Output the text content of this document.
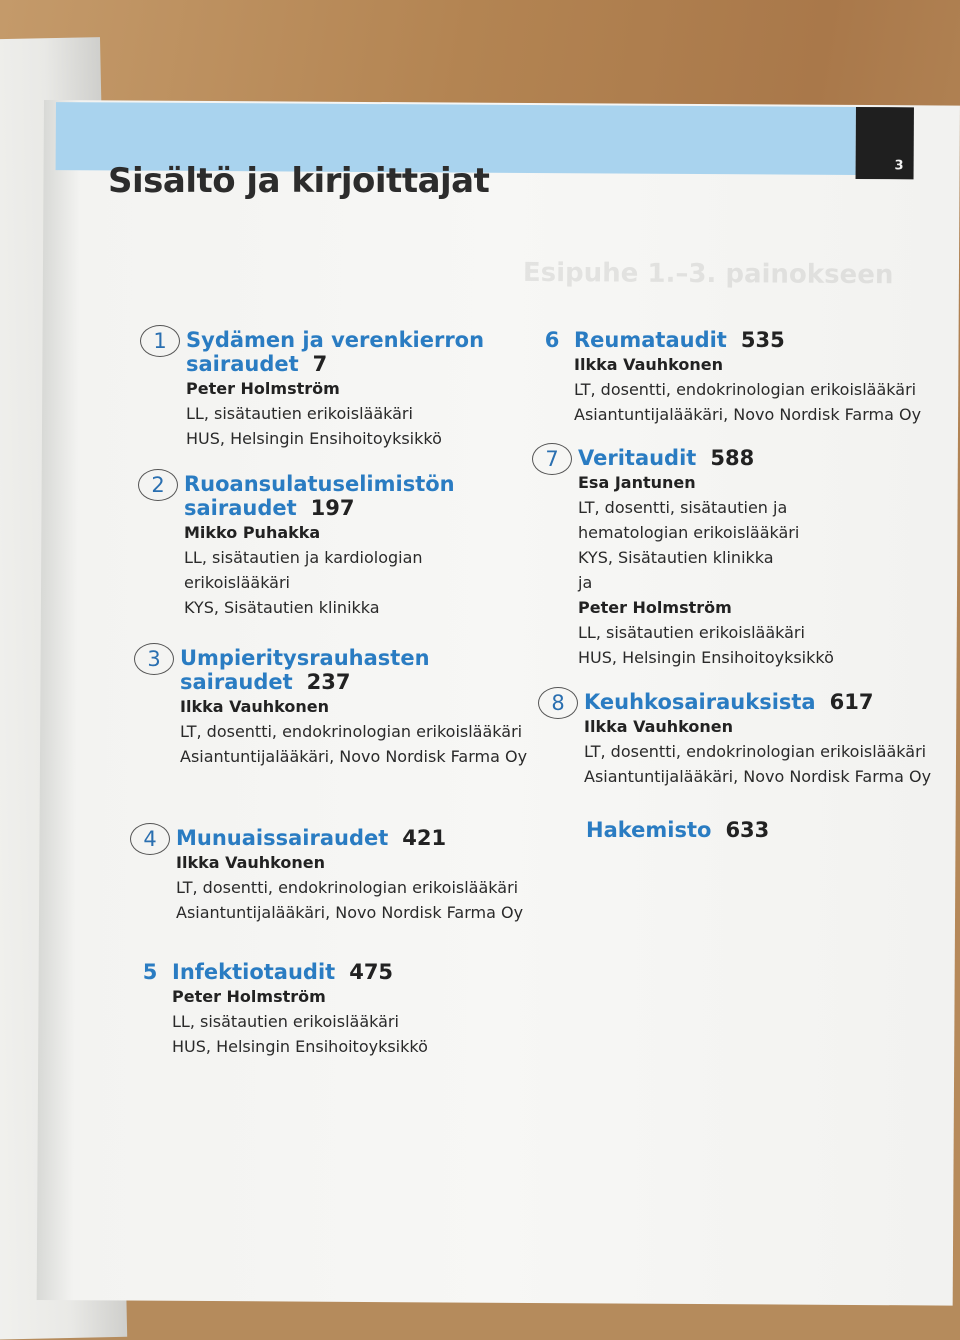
3
Esipuhe 1.–3. painokseen
Sisältö ja kirjoittajat
1 Sydämen ja verenkierron
sairaudet 7
Peter Holmström
LL, sisätautien erikoislääkäri
HUS, Helsingin Ensihoitoyksikkö
2 Ruoansulatuselimistön
sairaudet 197
Mikko Puhakka
LL, sisätautien ja kardiologian
erikoislääkäri
KYS, Sisätautien klinikka
3 Umpieritysrauhasten
sairaudet 237
Ilkka Vauhkonen
LT, dosentti, endokrinologian erikoislääkäri
Asiantuntijalääkäri, Novo Nordisk Farma Oy
4 Munuaissairaudet 421
Ilkka Vauhkonen
LT, dosentti, endokrinologian erikoislääkäri
Asiantuntijalääkäri, Novo Nordisk Farma Oy
5 Infektiotaudit 475
Peter Holmström
LL, sisätautien erikoislääkäri
HUS, Helsingin Ensihoitoyksikkö
6 Reumataudit 535
Ilkka Vauhkonen
LT, dosentti, endokrinologian erikoislääkäri
Asiantuntijalääkäri, Novo Nordisk Farma Oy
7 Veritaudit 588
Esa Jantunen
LT, dosentti, sisätautien ja
hematologian erikoislääkäri
KYS, Sisätautien klinikka
ja
Peter Holmström
LL, sisätautien erikoislääkäri
HUS, Helsingin Ensihoitoyksikkö
8 Keuhkosairauksista 617
Ilkka Vauhkonen
LT, dosentti, endokrinologian erikoislääkäri
Asiantuntijalääkäri, Novo Nordisk Farma Oy
Hakemisto 633
